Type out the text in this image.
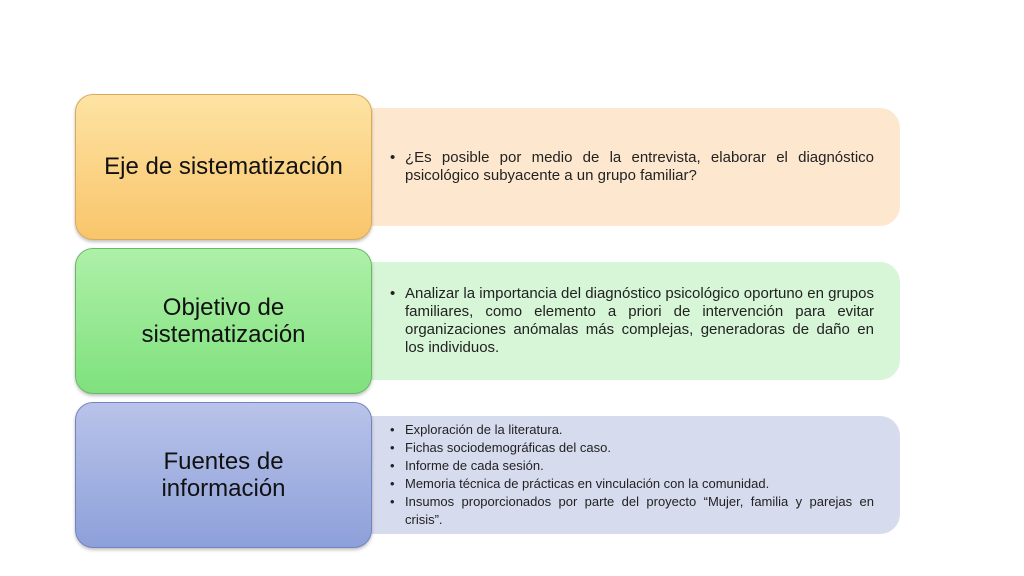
• ¿Es posible por medio de la entrevista, elaborar el diagnóstico psicológico subyacente a un grupo familiar?
Eje de sistematización
• Analizar la importancia del diagnóstico psicológico oportuno en grupos familiares, como elemento a priori de intervención para evitar organizaciones anómalas más complejas, generadoras de daño en los individuos.
Objetivo de
sistematización
• Exploración de la literatura.
• Fichas sociodemográficas del caso.
• Informe de cada sesión.
• Memoria técnica de prácticas en vinculación con la comunidad.
• Insumos proporcionados por parte del proyecto “Mujer, familia y parejas en crisis”.
Fuentes de
información
